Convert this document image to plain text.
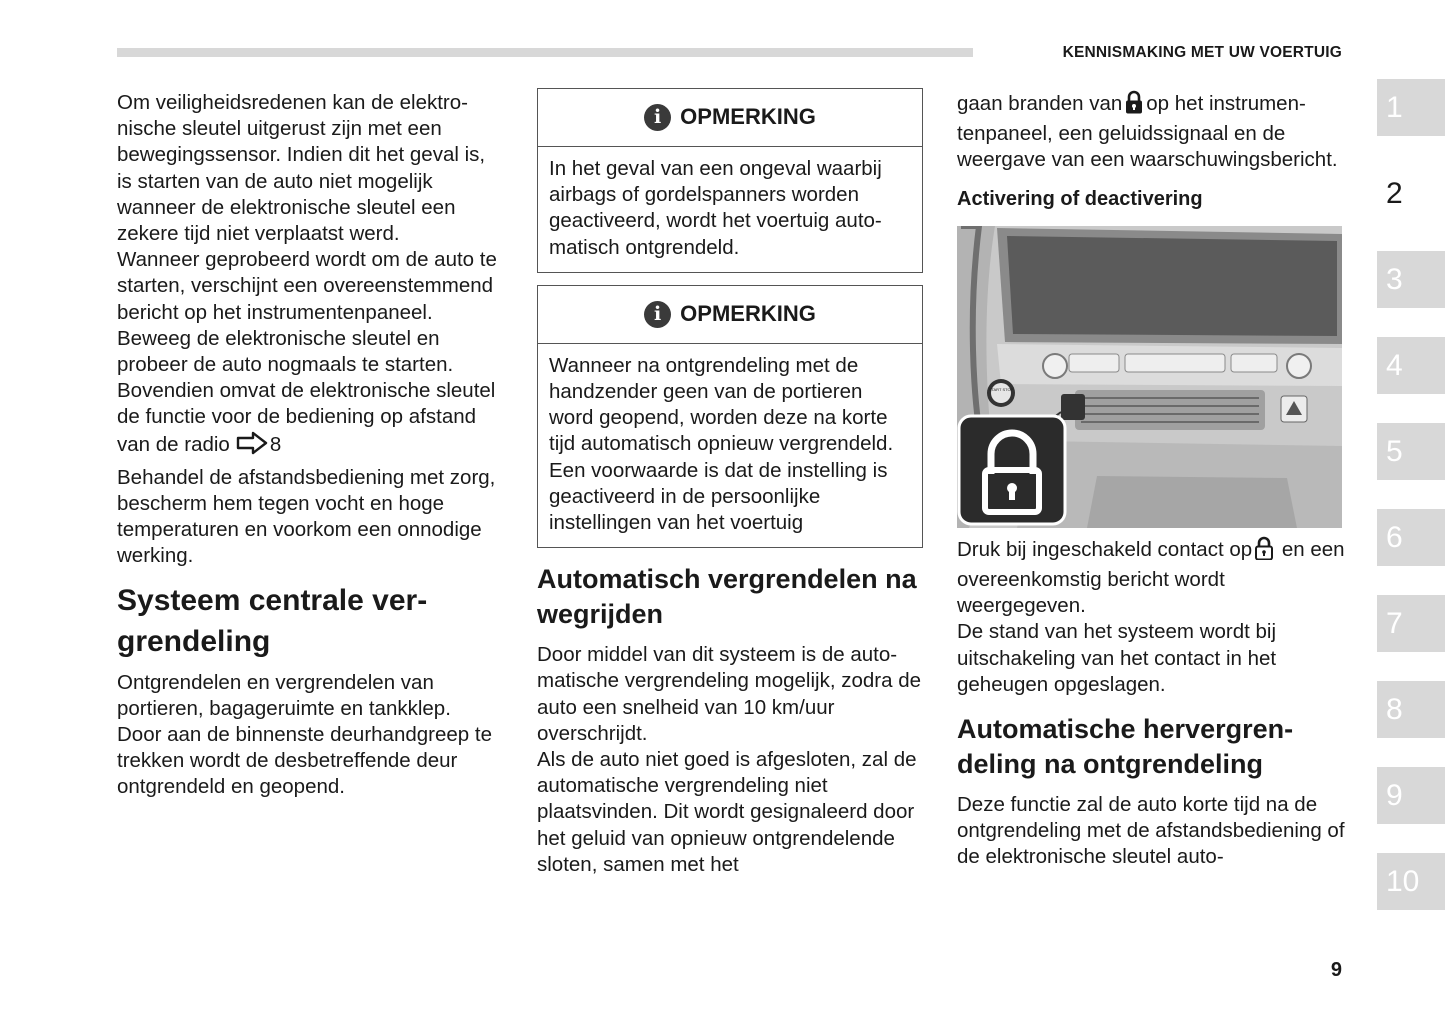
KENNISMAKING MET UW VOERTUIG

Om veiligheidsredenen kan de elektronische sleutel uitgerust zijn met een bewegingssensor. Indien dit het geval is, is starten van de auto niet mogelijk wanneer de elektronische sleutel een zekere tijd niet verplaatst werd.

Wanneer geprobeerd wordt om de auto te starten, verschijnt een overeenstemmend bericht op het instrumentenpaneel. Beweeg de elektronische sleutel en probeer de auto nogmaals te starten.

Bovendien omvat de elektronische sleutel de functie voor de bediening op afstand van de radio 8

Behandel de afstandsbediening met zorg, bescherm hem tegen vocht en hoge temperaturen en voorkom een onnodige werking.

Systeem centrale ver-
grendeling

Ontgrendelen en vergrendelen van portieren, bagageruimte en tankklep.

Door aan de binnenste deurhandgreep te trekken wordt de desbetreffende deur ontgrendeld en geopend.

i OPMERKING
In het geval van een ongeval waarbij airbags of gordelspanners worden geactiveerd, wordt het voertuig automatisch ontgrendeld.
i OPMERKING
Wanneer na ontgrendeling met de handzender geen van de portieren word geopend, worden deze na korte tijd automatisch opnieuw vergrendeld. Een voorwaarde is dat de instelling is geactiveerd in de persoonlijke instellingen van het voertuig
Automatisch vergrendelen na wegrijden

Door middel van dit systeem is de automatische vergrendeling mogelijk, zodra de auto een snelheid van 10 km/uur overschrijdt.

Als de auto niet goed is afgesloten, zal de automatische vergrendeling niet plaatsvinden. Dit wordt gesignaleerd door het geluid van opnieuw ontgrendelende sloten, samen met het

gaan branden van op het instrumentenpaneel, een geluidssignaal en de weergave van een waarschuwingsbericht.

Activering of deactivering
START STOP

Druk bij ingeschakeld contact op en een overeenkomstig bericht wordt weergegeven.

De stand van het systeem wordt bij uitschakeling van het contact in het geheugen opgeslagen.

Automatische hervergrendeling na ontgrendeling

Deze functie zal de auto korte tijd na de ontgrendeling met de afstandsbediening of de elektronische sleutel auto-

1
2
3
4
5
6
7
8
9
10
9
